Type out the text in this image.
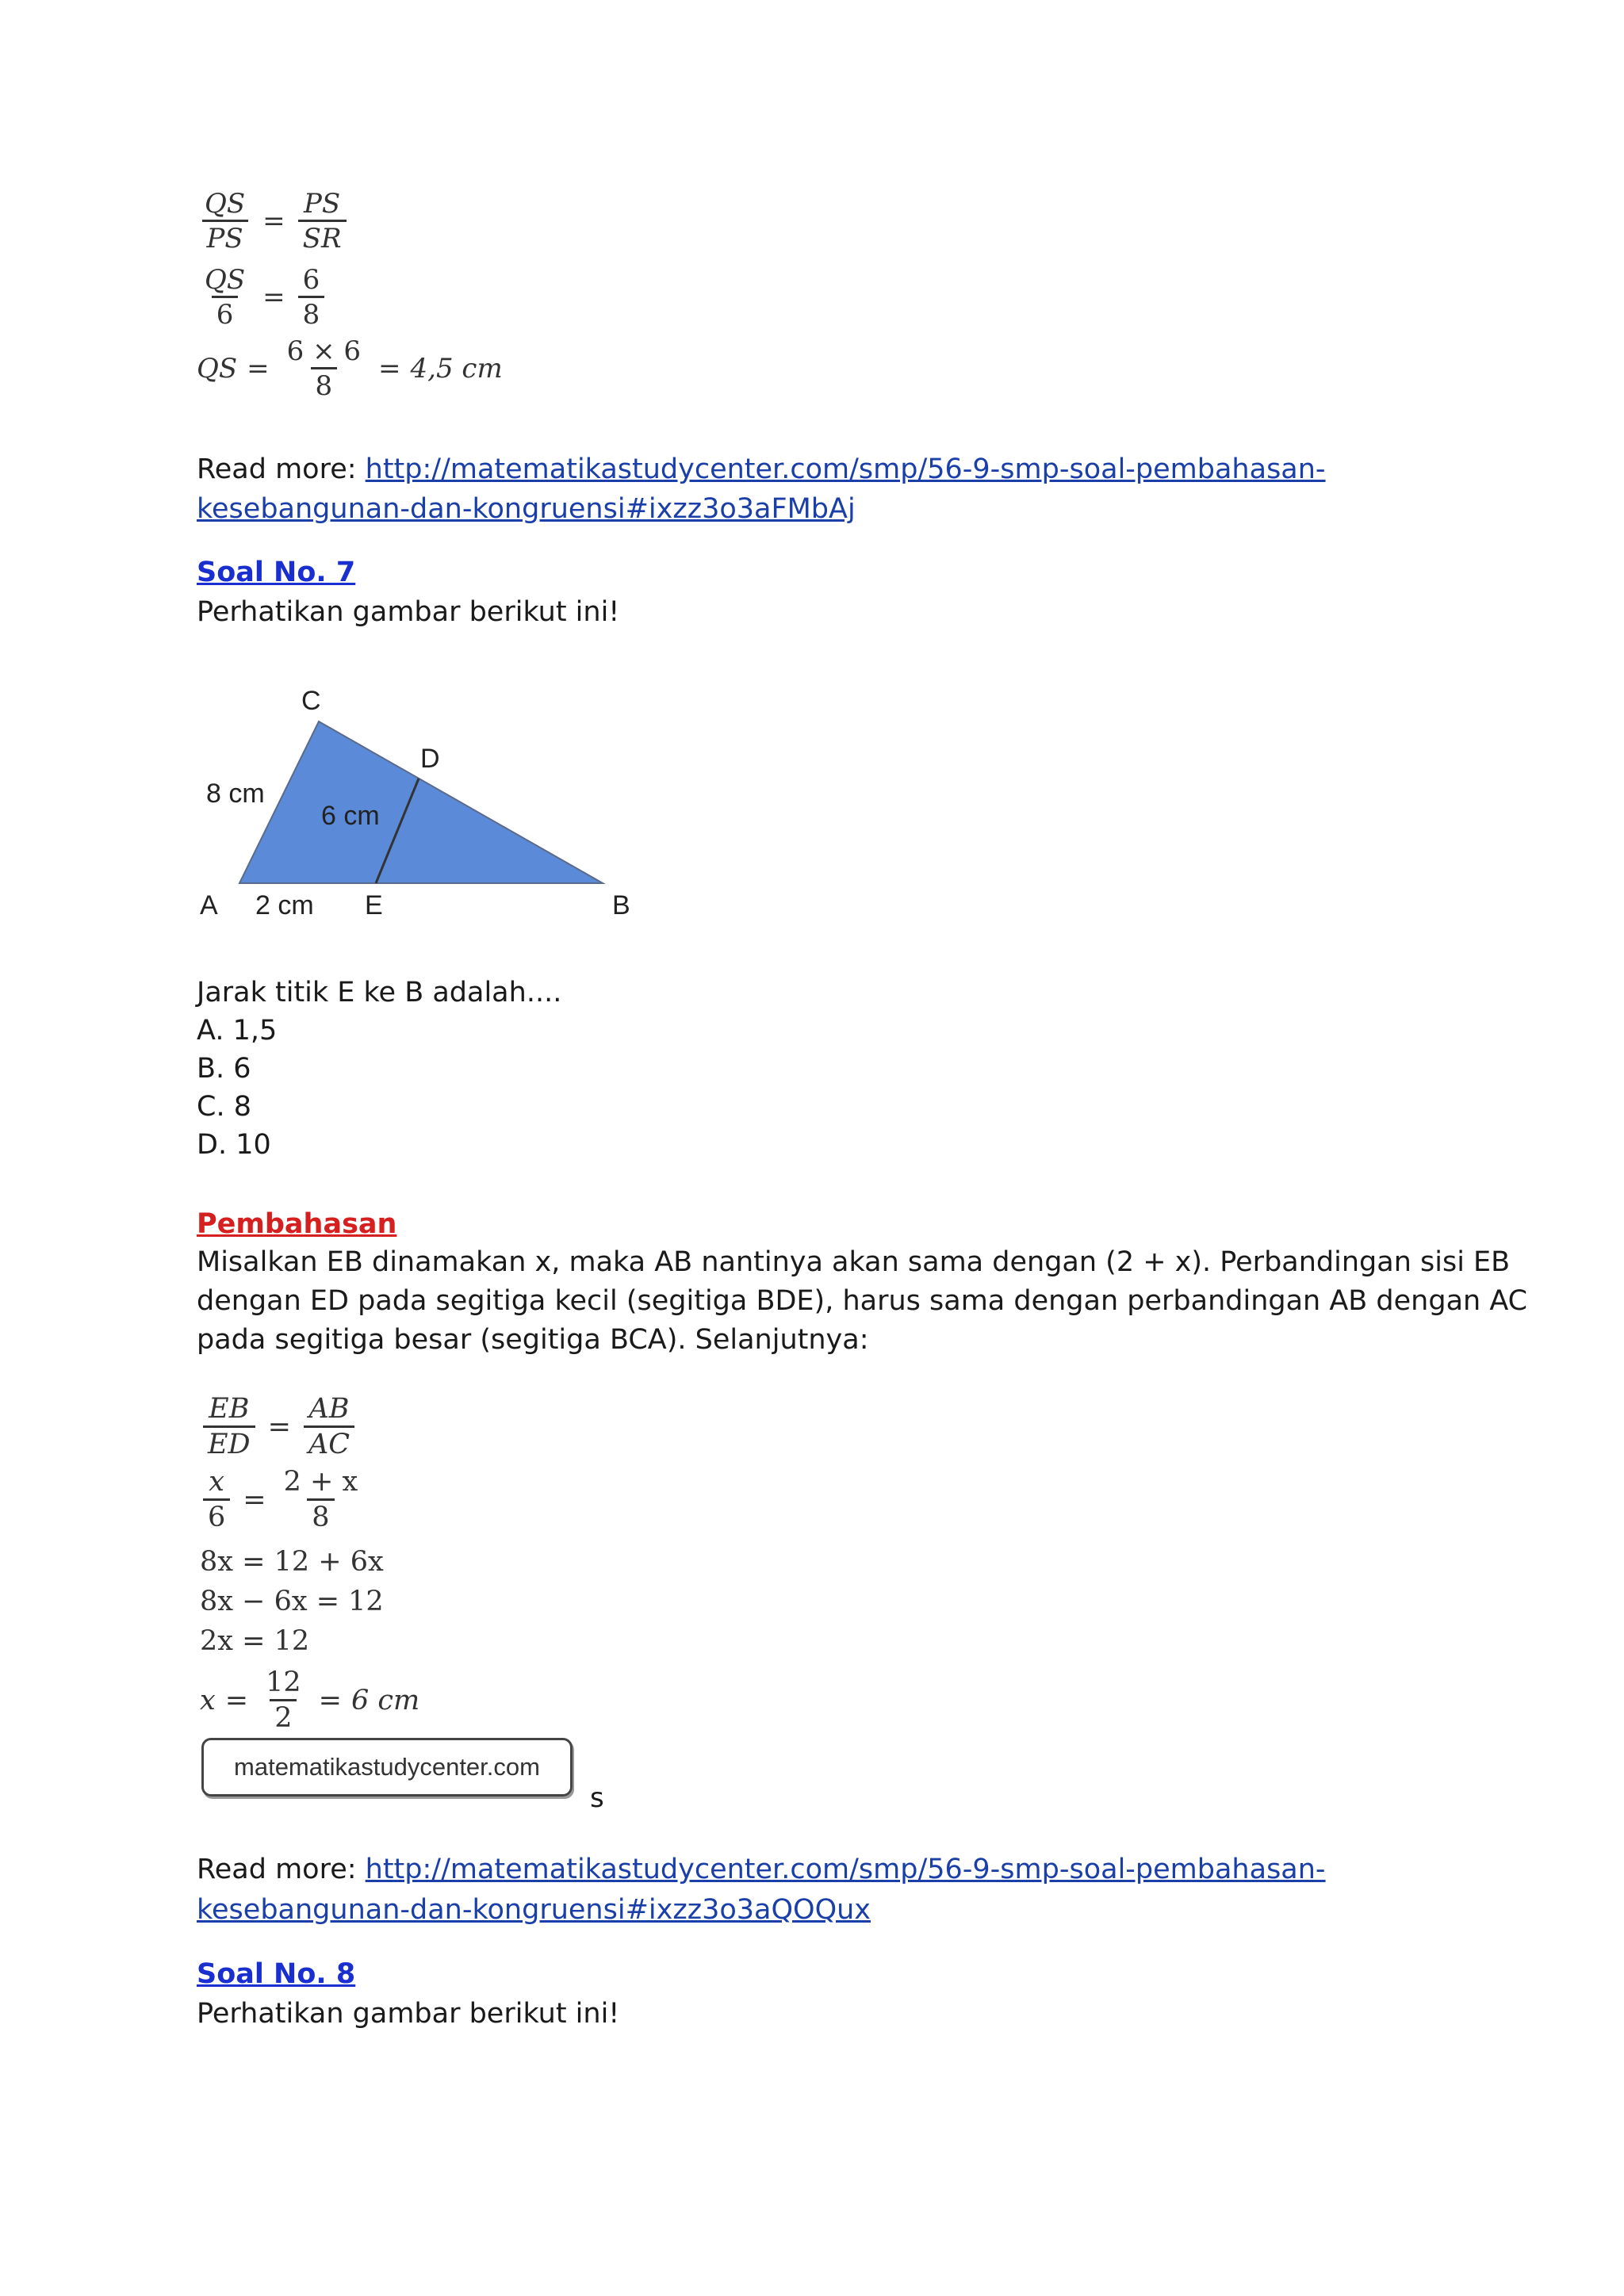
$\frac{QS}{PS} = \frac{PS}{SR}$
$\frac{QS}{6} = \frac{6}{8}$
QS = $\frac{6 \times 6}{8} = 4,5$ cm
Read more: http://matematikastudycenter.com/smp/56-9-smp-soal-pembahasan-
kesebangunan-dan-kongruensi#ixzz3o3aFMbAj
Soal No. 7
Perhatikan gambar berikut ini!
C
D
8 cm
6 cm
A 2 cm E	B
Jarak titik E ke B adalah....
A. 1,5
B. 6
C. 8
D. 10
Pembahasan
Misalkan EB dinamakan x, maka AB nantinya akan sama dengan (2 + x). Perbandingan sisi EB
dengan ED pada segitiga kecil (segitiga BDE), harus sama dengan perbandingan AB dengan AC
pada segitiga besar (segitiga BCA). Selanjutnya:
$\frac{EB}{ED} = \frac{AB}{AC}$
$\frac{x}{6} = \frac{2 + x}{8}$
8x = 12 + 6x
8x − 6x = 12
2x = 12
$x = \frac{12}{2} = 6$ cm
matematikastudycenter.com
s
Read more: http://matematikastudycenter.com/smp/56-9-smp-soal-pembahasan-
kesebangunan-dan-kongruensi#ixzz3o3aQOQux
Soal No. 8
Perhatikan gambar berikut ini!
